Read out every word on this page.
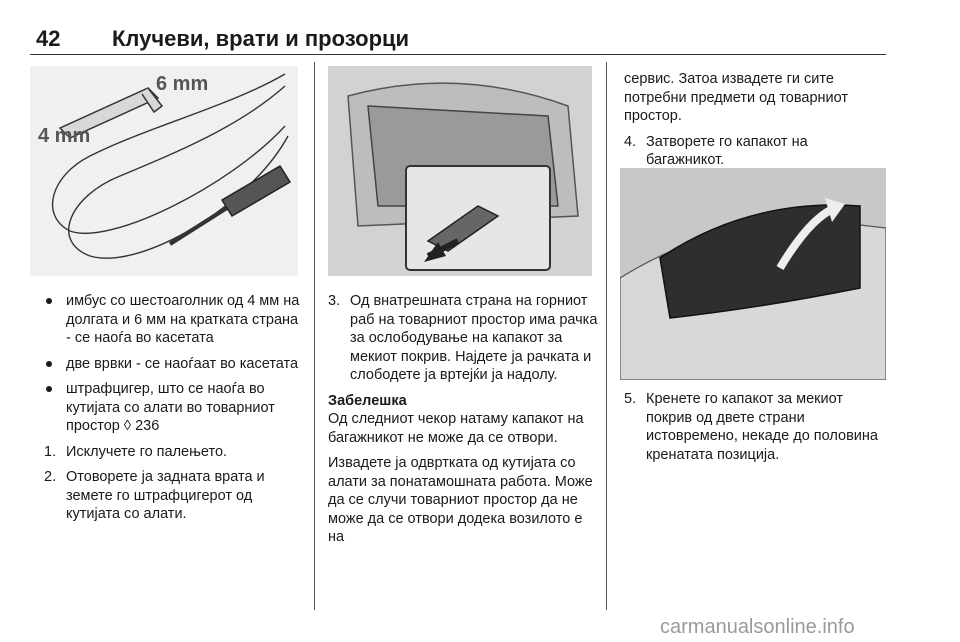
42 Клучеви, врати и прозорци
6 mm
4 mm
имбус со шестоаголник од 4 мм на долгата и 6 мм на кратката страна - се наоѓа во касетата
две врвки - се наоѓаат во касетата
штрафцигер, што се наоѓа во кутијата со алати во товарниот простор ◊ 236
1. Исклучете го палењето.
2. Отоворете ја задната врата и земете го штрафцигерот од кутијата со алати.
3. Од внатрешната страна на горниот раб на товарниот простор има рачка за ослободување на капакот за мекиот покрив. Најдете ја рачката и слободете ја вртејќи ја надолу.
Забелешка
Од следниот чекор натаму капакот на багажникот не може да се отвори.
Извадете ја одвртката од кутијата со алати за понатамошната работа. Може да се случи товарниот простор да не може да се отвори додека возилото е на
сервис. Затоа извадете ги сите потребни предмети од товарниот простор.
4. Затворете го капакот на багажникот.
5. Кренете го капакот за мекиот покрив од двете страни истовремено, некаде до половина кренатата позиција.
carmanualsonline.info
